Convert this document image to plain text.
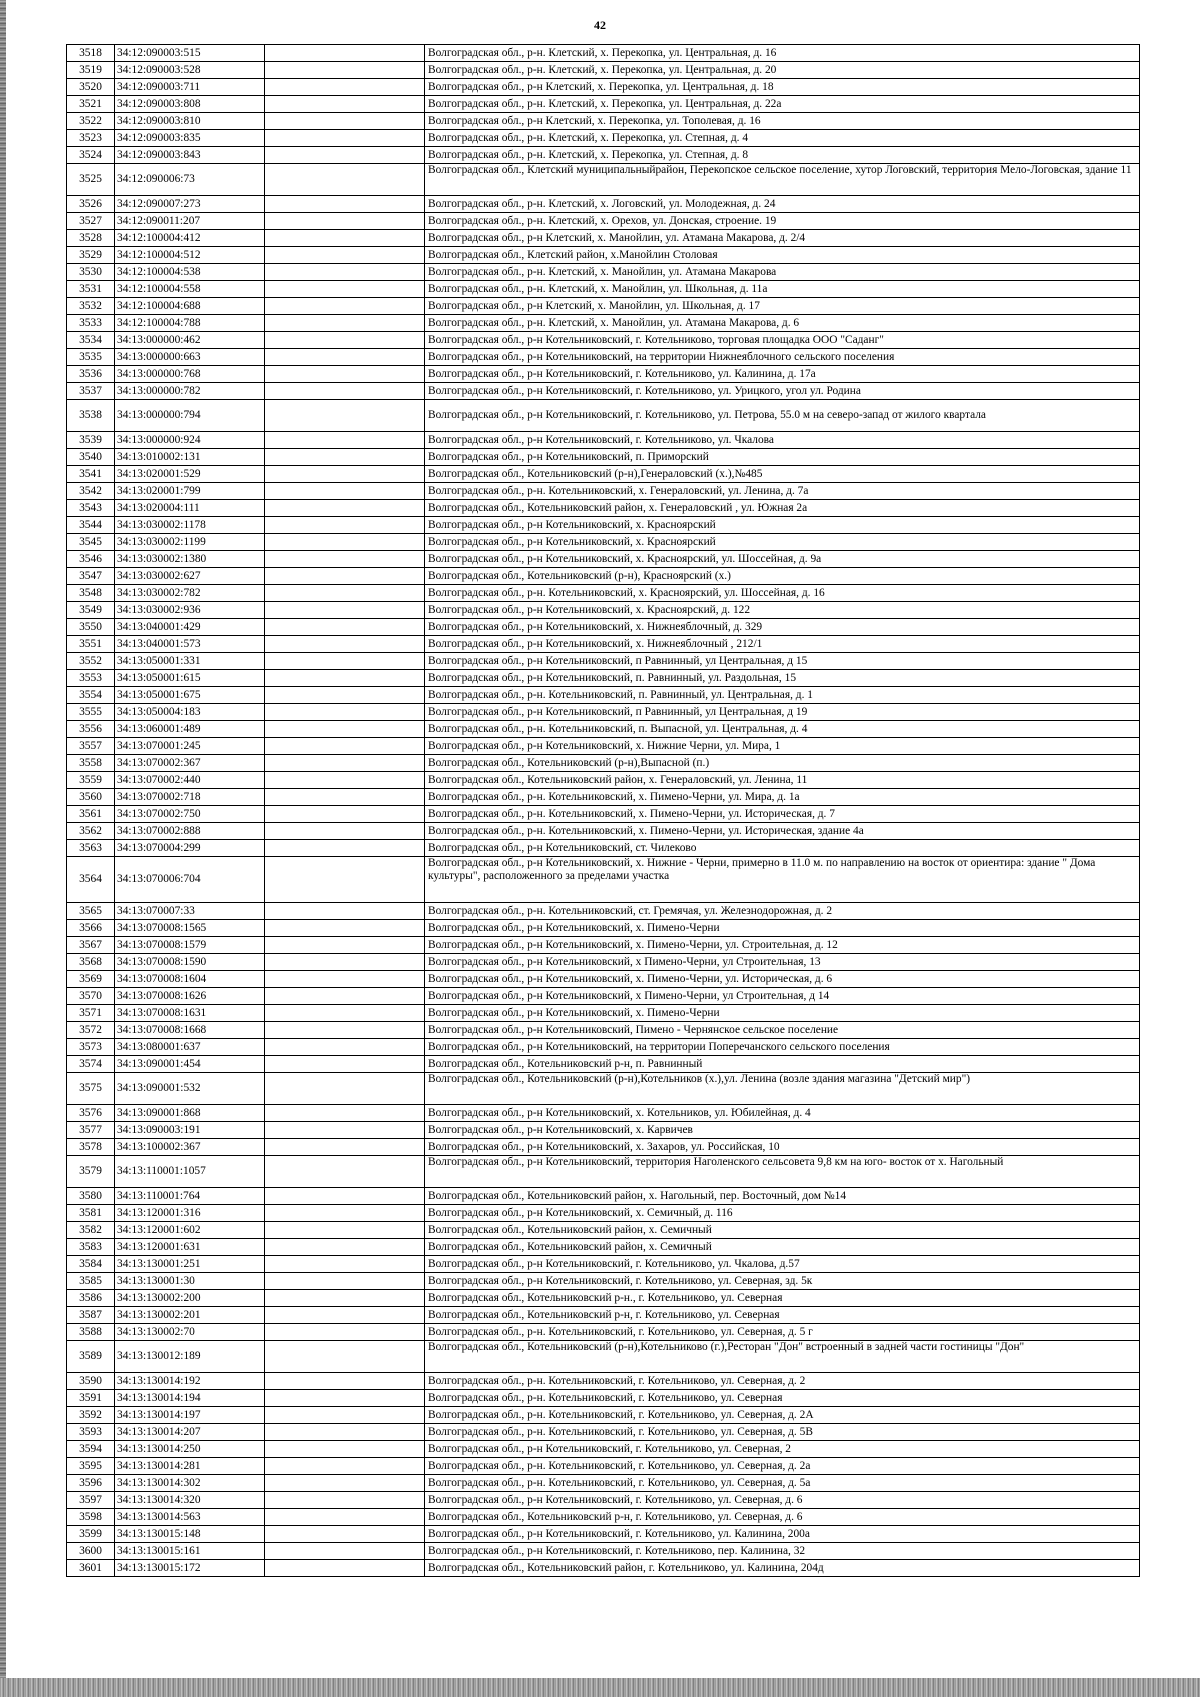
42
3518	34:12:090003:515		Волгоградская обл., р-н. Клетский, х. Перекопка, ул. Центральная, д. 16
3519	34:12:090003:528		Волгоградская обл., р-н. Клетский, х. Перекопка, ул. Центральная, д. 20
3520	34:12:090003:711		Волгоградская обл., р-н Клетский, х. Перекопка, ул. Центральная, д. 18
3521	34:12:090003:808		Волгоградская обл., р-н. Клетский, х. Перекопка, ул. Центральная, д. 22а
3522	34:12:090003:810		Волгоградская обл., р-н Клетский, х. Перекопка, ул. Тополевая, д. 16
3523	34:12:090003:835		Волгоградская обл., р-н. Клетский, х. Перекопка, ул. Степная, д. 4
3524	34:12:090003:843		Волгоградская обл., р-н. Клетский, х. Перекопка, ул. Степная, д. 8
3525	34:12:090006:73		Волгоградская обл., Клетский муниципальныйрайон, Перекопское сельское поселение, хутор Логовский, территория Мело-Логовская, здание 11
3526	34:12:090007:273		Волгоградская обл., р-н. Клетский, х. Логовский, ул. Молодежная, д. 24
3527	34:12:090011:207		Волгоградская обл., р-н. Клетский, х. Орехов, ул. Донская, строение. 19
3528	34:12:100004:412		Волгоградская обл., р-н Клетский, х. Манойлин, ул. Атамана Макарова, д. 2/4
3529	34:12:100004:512		Волгоградская обл., Клетский район, х.Манойлин Столовая
3530	34:12:100004:538		Волгоградская обл., р-н. Клетский, х. Манойлин, ул. Атамана Макарова
3531	34:12:100004:558		Волгоградская обл., р-н. Клетский, х. Манойлин, ул. Школьная, д. 11а
3532	34:12:100004:688		Волгоградская обл., р-н Клетский, х. Манойлин, ул. Школьная, д. 17
3533	34:12:100004:788		Волгоградская обл., р-н. Клетский, х. Манойлин, ул. Атамана Макарова, д. 6
3534	34:13:000000:462		Волгоградская обл., р-н Котельниковский, г. Котельниково, торговая площадка ООО "Саданг"
3535	34:13:000000:663		Волгоградская обл., р-н Котельниковский, на территории Нижнеяблочного сельского поселения
3536	34:13:000000:768		Волгоградская обл., р-н Котельниковский, г. Котельниково, ул. Калинина, д. 17а
3537	34:13:000000:782		Волгоградская обл., р-н Котельниковский, г. Котельниково, ул. Урицкого, угол ул. Родина
3538	34:13:000000:794		Волгоградская обл., р-н Котельниковский, г. Котельниково, ул. Петрова, 55.0 м на северо-запад от жилого квартала
3539	34:13:000000:924		Волгоградская обл., р-н Котельниковский, г. Котельниково, ул. Чкалова
3540	34:13:010002:131		Волгоградская обл., р-н Котельниковский, п. Приморский
3541	34:13:020001:529		Волгоградская обл., Котельниковский (р-н),Генераловский (х.),№485
3542	34:13:020001:799		Волгоградская обл., р-н. Котельниковский, х. Генераловский, ул. Ленина, д. 7а
3543	34:13:020004:111		Волгоградская обл., Котельниковский район, х. Генераловский , ул. Южная 2а
3544	34:13:030002:1178		Волгоградская обл., р-н Котельниковский, х. Красноярский
3545	34:13:030002:1199		Волгоградская обл., р-н Котельниковский, х. Красноярский
3546	34:13:030002:1380		Волгоградская обл., р-н Котельниковский, х. Красноярский, ул. Шоссейная, д. 9а
3547	34:13:030002:627		Волгоградская обл., Котельниковский (р-н), Красноярский (х.)
3548	34:13:030002:782		Волгоградская обл., р-н. Котельниковский, х. Красноярский, ул. Шоссейная, д. 16
3549	34:13:030002:936		Волгоградская обл., р-н Котельниковский, х. Красноярский, д. 122
3550	34:13:040001:429		Волгоградская обл., р-н Котельниковский, х. Нижнеяблочный, д. 329
3551	34:13:040001:573		Волгоградская обл., р-н Котельниковский, х. Нижнеяблочный , 212/1
3552	34:13:050001:331		Волгоградская обл., р-н Котельниковский, п Равнинный, ул Центральная, д 15
3553	34:13:050001:615		Волгоградская обл., р-н Котельниковский, п. Равнинный, ул. Раздольная, 15
3554	34:13:050001:675		Волгоградская обл., р-н. Котельниковский, п. Равнинный, ул. Центральная, д. 1
3555	34:13:050004:183		Волгоградская обл., р-н Котельниковский, п Равнинный, ул Центральная, д 19
3556	34:13:060001:489		Волгоградская обл., р-н. Котельниковский, п. Выпасной, ул. Центральная, д. 4
3557	34:13:070001:245		Волгоградская обл., р-н Котельниковский, х. Нижние Черни, ул. Мира, 1
3558	34:13:070002:367		Волгоградская обл., Котельниковский (р-н),Выпасной (п.)
3559	34:13:070002:440		Волгоградская обл., Котельниковский район, х. Генераловский, ул. Ленина, 11
3560	34:13:070002:718		Волгоградская обл., р-н. Котельниковский, х. Пимено-Черни, ул. Мира, д. 1а
3561	34:13:070002:750		Волгоградская обл., р-н. Котельниковский, х. Пимено-Черни, ул. Историческая, д. 7
3562	34:13:070002:888		Волгоградская обл., р-н. Котельниковский, х. Пимено-Черни, ул. Историческая, здание 4а
3563	34:13:070004:299		Волгоградская обл., р-н Котельниковский, ст. Чилеково
3564	34:13:070006:704		Волгоградская обл., р-н Котельниковский, х. Нижние - Черни, примерно в 11.0 м. по направлению на восток от ориентира: здание " Дома культуры", расположенного за пределами участка
3565	34:13:070007:33		Волгоградская обл., р-н. Котельниковский, ст. Гремячая, ул. Железнодорожная, д. 2
3566	34:13:070008:1565		Волгоградская обл., р-н Котельниковский, х. Пимено-Черни
3567	34:13:070008:1579		Волгоградская обл., р-н Котельниковский, х. Пимено-Черни, ул. Строительная, д. 12
3568	34:13:070008:1590		Волгоградская обл., р-н Котельниковский, х Пимено-Черни, ул Строительная, 13
3569	34:13:070008:1604		Волгоградская обл., р-н Котельниковский, х. Пимено-Черни, ул. Историческая, д. 6
3570	34:13:070008:1626		Волгоградская обл., р-н Котельниковский, х Пимено-Черни, ул Строительная, д 14
3571	34:13:070008:1631		Волгоградская обл., р-н Котельниковский, х. Пимено-Черни
3572	34:13:070008:1668		Волгоградская обл., р-н Котельниковский, Пимено - Чернянское сельское поселение
3573	34:13:080001:637		Волгоградская обл., р-н Котельниковский, на территории Поперечанского сельского поселения
3574	34:13:090001:454		Волгоградская обл., Котельниковский р-н, п. Равнинный
3575	34:13:090001:532		Волгоградская обл., Котельниковский (р-н),Котельников (х.),ул. Ленина (возле здания магазина "Детский мир")
3576	34:13:090001:868		Волгоградская обл., р-н Котельниковский, х. Котельников, ул. Юбилейная, д. 4
3577	34:13:090003:191		Волгоградская обл., р-н Котельниковский, х. Карвичев
3578	34:13:100002:367		Волгоградская обл., р-н Котельниковский, х. Захаров, ул. Российская, 10
3579	34:13:110001:1057		Волгоградская обл., р-н Котельниковский, территория Наголенского сельсовета 9,8 км на юго- восток от х. Нагольный
3580	34:13:110001:764		Волгоградская обл., Котельниковский район, х. Нагольный, пер. Восточный, дом №14
3581	34:13:120001:316		Волгоградская обл., р-н Котельниковский, х. Семичный, д. 116
3582	34:13:120001:602		Волгоградская обл., Котельниковский район, х. Семичный
3583	34:13:120001:631		Волгоградская обл., Котельниковский район, х. Семичный
3584	34:13:130001:251		Волгоградская обл., р-н Котельниковский, г. Котельниково, ул. Чкалова, д.57
3585	34:13:130001:30		Волгоградская обл., р-н Котельниковский, г. Котельниково, ул. Северная, зд. 5к
3586	34:13:130002:200		Волгоградская обл., Котельниковский р-н., г. Котельниково, ул. Северная
3587	34:13:130002:201		Волгоградская обл., Котельниковский р-н, г. Котельниково, ул. Северная
3588	34:13:130002:70		Волгоградская обл., р-н. Котельниковский, г. Котельниково, ул. Северная, д. 5 г
3589	34:13:130012:189		Волгоградская обл., Котельниковский (р-н),Котельниково (г.),Ресторан "Дон" встроенный в задней части гостиницы "Дон"
3590	34:13:130014:192		Волгоградская обл., р-н. Котельниковский, г. Котельниково, ул. Северная, д. 2
3591	34:13:130014:194		Волгоградская обл., р-н. Котельниковский, г. Котельниково, ул. Северная
3592	34:13:130014:197		Волгоградская обл., р-н. Котельниковский, г. Котельниково, ул. Северная, д. 2А
3593	34:13:130014:207		Волгоградская обл., р-н. Котельниковский, г. Котельниково, ул. Северная, д. 5В
3594	34:13:130014:250		Волгоградская обл., р-н Котельниковский, г. Котельниково, ул. Северная, 2
3595	34:13:130014:281		Волгоградская обл., р-н. Котельниковский, г. Котельниково, ул. Северная, д. 2а
3596	34:13:130014:302		Волгоградская обл., р-н. Котельниковский, г. Котельниково, ул. Северная, д. 5а
3597	34:13:130014:320		Волгоградская обл., р-н Котельниковский, г. Котельниково, ул. Северная, д. 6
3598	34:13:130014:563		Волгоградская обл., Котельниковский р-н, г. Котельниково, ул. Северная, д. 6
3599	34:13:130015:148		Волгоградская обл., р-н Котельниковский, г. Котельниково, ул. Калинина, 200а
3600	34:13:130015:161		Волгоградская обл., р-н Котельниковский, г. Котельниково, пер. Калинина, 32
3601	34:13:130015:172		Волгоградская обл., Котельниковский район, г. Котельниково, ул. Калинина, 204д
